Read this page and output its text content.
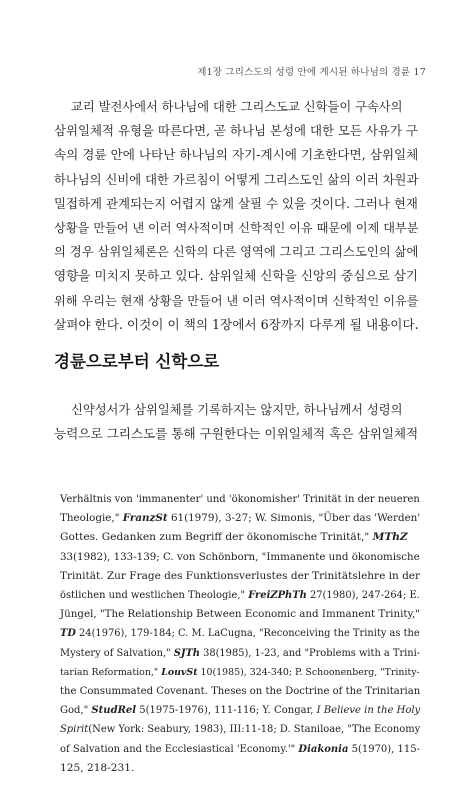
제1장 그리스도의 성령 안에 계시된 하나님의 경륜 17

교리 발전사에서 하나님에 대한 그리스도교 신학들이 구속사의
삼위일체적 유형을 따른다면, 곧 하나님 본성에 대한 모든 사유가 구
속의 경륜 안에 나타난 하나님의 자기-계시에 기초한다면, 삼위일체
하나님의 신비에 대한 가르침이 어떻게 그리스도인 삶의 이러 차원과
밀접하게 관계되는지 어렵지 않게 살필 수 있을 것이다. 그러나 현재
상황을 만들어 낸 이러 역사적이며 신학적인 이유 때문에 이제 대부분
의 경우 삼위일체론은 신학의 다른 영역에 그리고 그리스도인의 삶에
영향을 미치지 못하고 있다. 삼위일체 신학을 신앙의 중심으로 삼기
위해 우리는 현재 상황을 만들어 낸 이러 역사적이며 신학적인 이유를
살펴야 한다. 이것이 이 책의 1장에서 6장까지 다루게 될 내용이다.

경륜으로부터 신학으로

신약성서가 삼위일체를 기록하지는 않지만, 하나님께서 성령의
능력으로 그리스도를 통해 구원한다는 이위일체적 혹은 삼위일체적

Verhältnis von 'immanenter' und 'ökonomisher' Trinität in der neueren
Theologie," FranzSt 61(1979), 3-27; W. Simonis, "Über das 'Werden'
Gottes. Gedanken zum Begriff der ökonomische Trinität," MThZ
33(1982), 133-139; C. von Schönborn, "Immanente und ökonomische
Trinität. Zur Frage des Funktionsverlustes der Trinitätslehre in der
östlichen und westlichen Theologie," FreiZPhTh 27(1980), 247-264; E.
Jüngel, "The Relationship Between Economic and Immanent Trinity,"
TD 24(1976), 179-184; C. M. LaCugna, "Reconceiving the Trinity as the
Mystery of Salvation," SJTh 38(1985), 1-23, and "Problems with a Trini-
tarian Reformation," LouvSt 10(1985), 324-340; P. Schoonenberg, "Trinity-
the Consummated Covenant. Theses on the Doctrine of the Trinitarian
God," StudRel 5(1975-1976), 111-116; Y. Congar, I Believe in the Holy
Spirit(New York: Seabury, 1983), III:11-18; D. Staniloae, "The Economy
of Salvation and the Ecclesiastical 'Economy.'" Diakonia 5(1970), 115-
125, 218-231.
